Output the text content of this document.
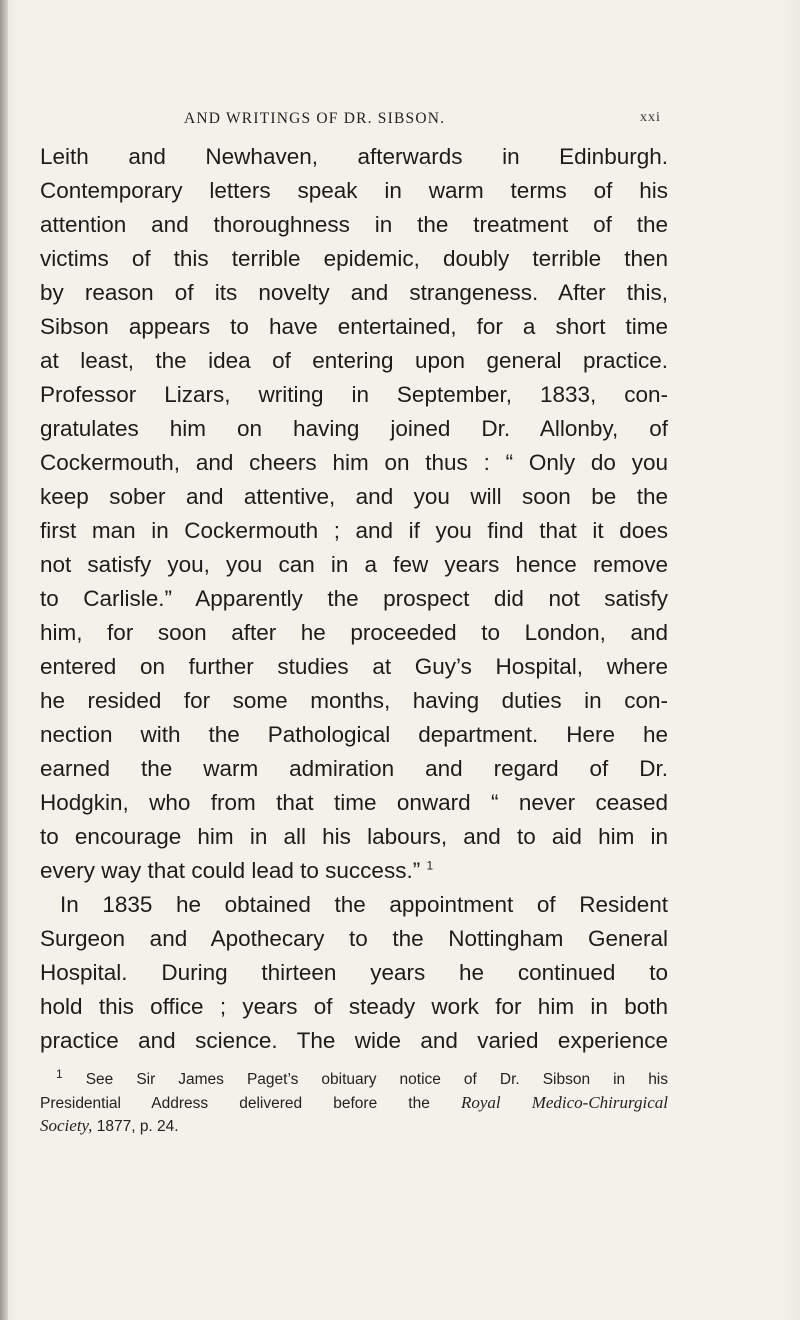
AND WRITINGS OF DR. SIBSON.	xxi
Leith and Newhaven, afterwards in Edinburgh.
Contemporary letters speak in warm terms of his
attention and thoroughness in the treatment of the
victims of this terrible epidemic, doubly terrible then
by reason of its novelty and strangeness. After this,
Sibson appears to have entertained, for a short time
at least, the idea of entering upon general practice.
Professor Lizars, writing in September, 1833, con-
gratulates him on having joined Dr. Allonby, of
Cockermouth, and cheers him on thus : “ Only do you
keep sober and attentive, and you will soon be the
first man in Cockermouth ; and if you find that it does
not satisfy you, you can in a few years hence remove
to Carlisle.” Apparently the prospect did not satisfy
him, for soon after he proceeded to London, and
entered on further studies at Guy’s Hospital, where
he resided for some months, having duties in con-
nection with the Pathological department. Here he
earned the warm admiration and regard of Dr.
Hodgkin, who from that time onward “ never ceased
to encourage him in all his labours, and to aid him in
every way that could lead to success.” $^1$
In 1835 he obtained the appointment of Resident
Surgeon and Apothecary to the Nottingham General
Hospital. During thirteen years he continued to
hold this office ; years of steady work for him in both
practice and science. The wide and varied experience
$^1$ See Sir James Paget’s obituary notice of Dr. Sibson in his
Presidential Address delivered before the Royal Medico-Chirurgical
Society, 1877, p. 24.
